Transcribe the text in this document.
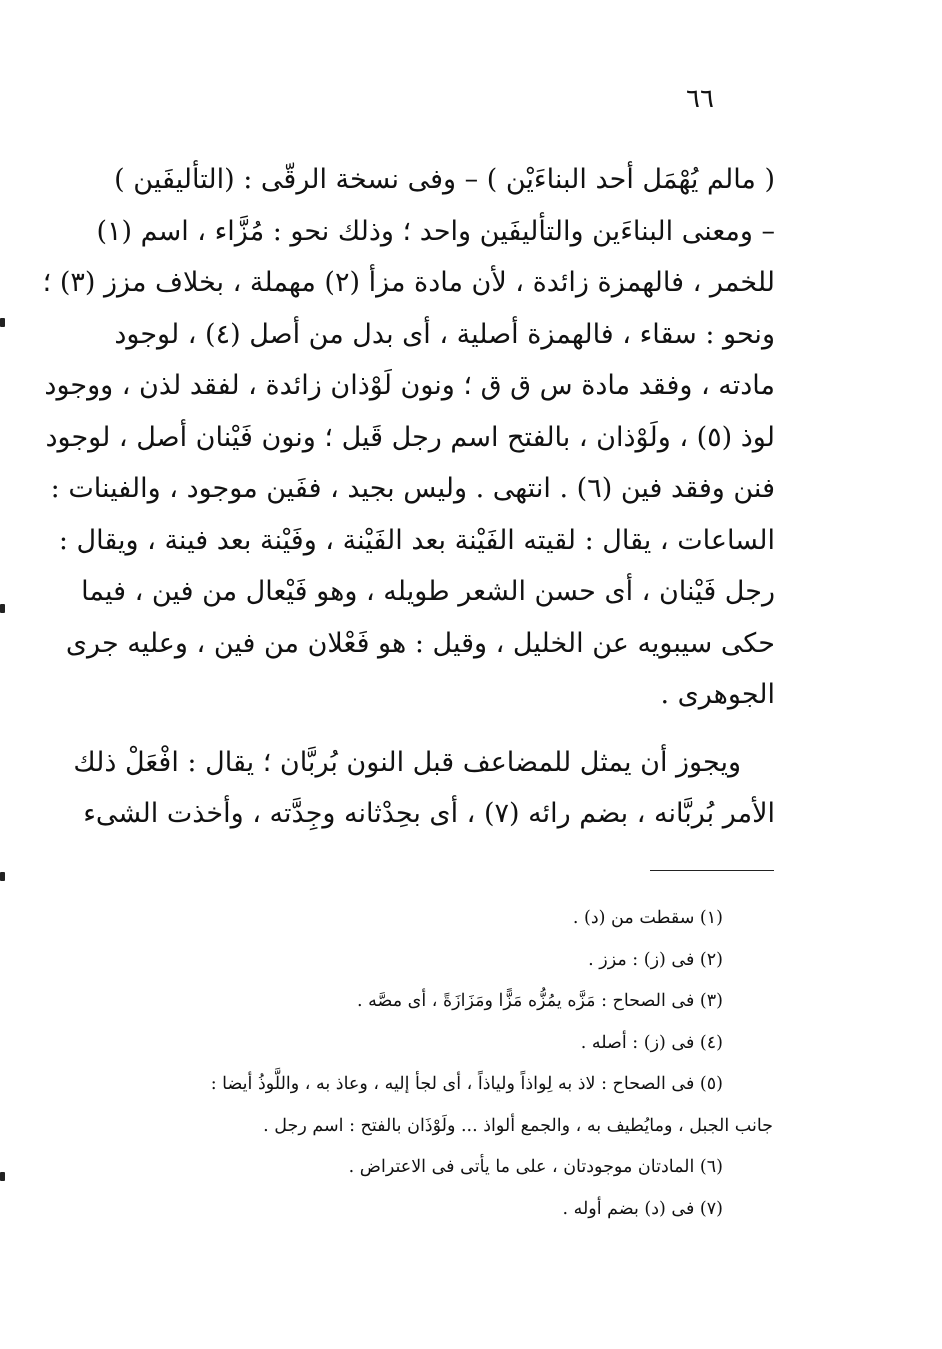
٦٦
( مالم يُهْمَل أحد البناءَيْن ) – وفى نسخة الرقّى : (التأليفَين )
– ومعنى البناءَين والتأليفَين واحد ؛ وذلك نحو : مُزَّاء ، اسم (١)
للخمر ، فالهمزة زائدة ، لأن مادة مزأ (٢) مهملة ، بخلاف مزز (٣) ؛
ونحو : سقاء ، فالهمزة أصلية ، أى بدل من أصل (٤) ، لوجود
مادته ، وفقد مادة س ق ق ؛ ونون لَوْذان زائدة ، لفقد لذن ، ووجود
لوذ (٥) ، ولَوْذان ، بالفتح اسم رجل قَيل ؛ ونون فَيْنان أصل ، لوجود
فنن وفقد فين (٦) . انتهى . وليس بجيد ، ففَين موجود ، والفينات :
الساعات ، يقال : لقيته الفَيْنة بعد الفَيْنة ، وفَيْنة بعد فينة ، ويقال :
رجل فَيْنان ، أى حسن الشعر طويله ، وهو فَيْعال من فين ، فيما
حكى سيبويه عن الخليل ، وقيل : هو فَعْلان من فين ، وعليه جرى
الجوهرى .
ويجوز أن يمثل للمضاعف قبل النون بُربَّان ؛ يقال : افْعَلْ ذلك
الأمر بُربَّانه ، بضم رائه (٧) ، أى بحِدْثانه وجِدَّته ، وأخذت الشىء
(١) سقطت من (د) .
(٢) فى (ز) : مزز .
(٣) فى الصحاح : مَزَّه يمُزُّه مَزًّا ومَزَازَةً ، أى مصَّه .
(٤) فى (ز) : أصله .
(٥) فى الصحاح : لاذ به لِواذاً ولياذاً ، أى لجأ إليه ، وعاذ به ، واللَّوذُ أيضا :
جانب الجبل ، ومايُطيف به ، والجمع ألواذ ... ولَوْذَان بالفتح : اسم رجل .
(٦) المادتان موجودتان ، على ما يأتى فى الاعتراض .
(٧) فى (د) بضم أوله .
